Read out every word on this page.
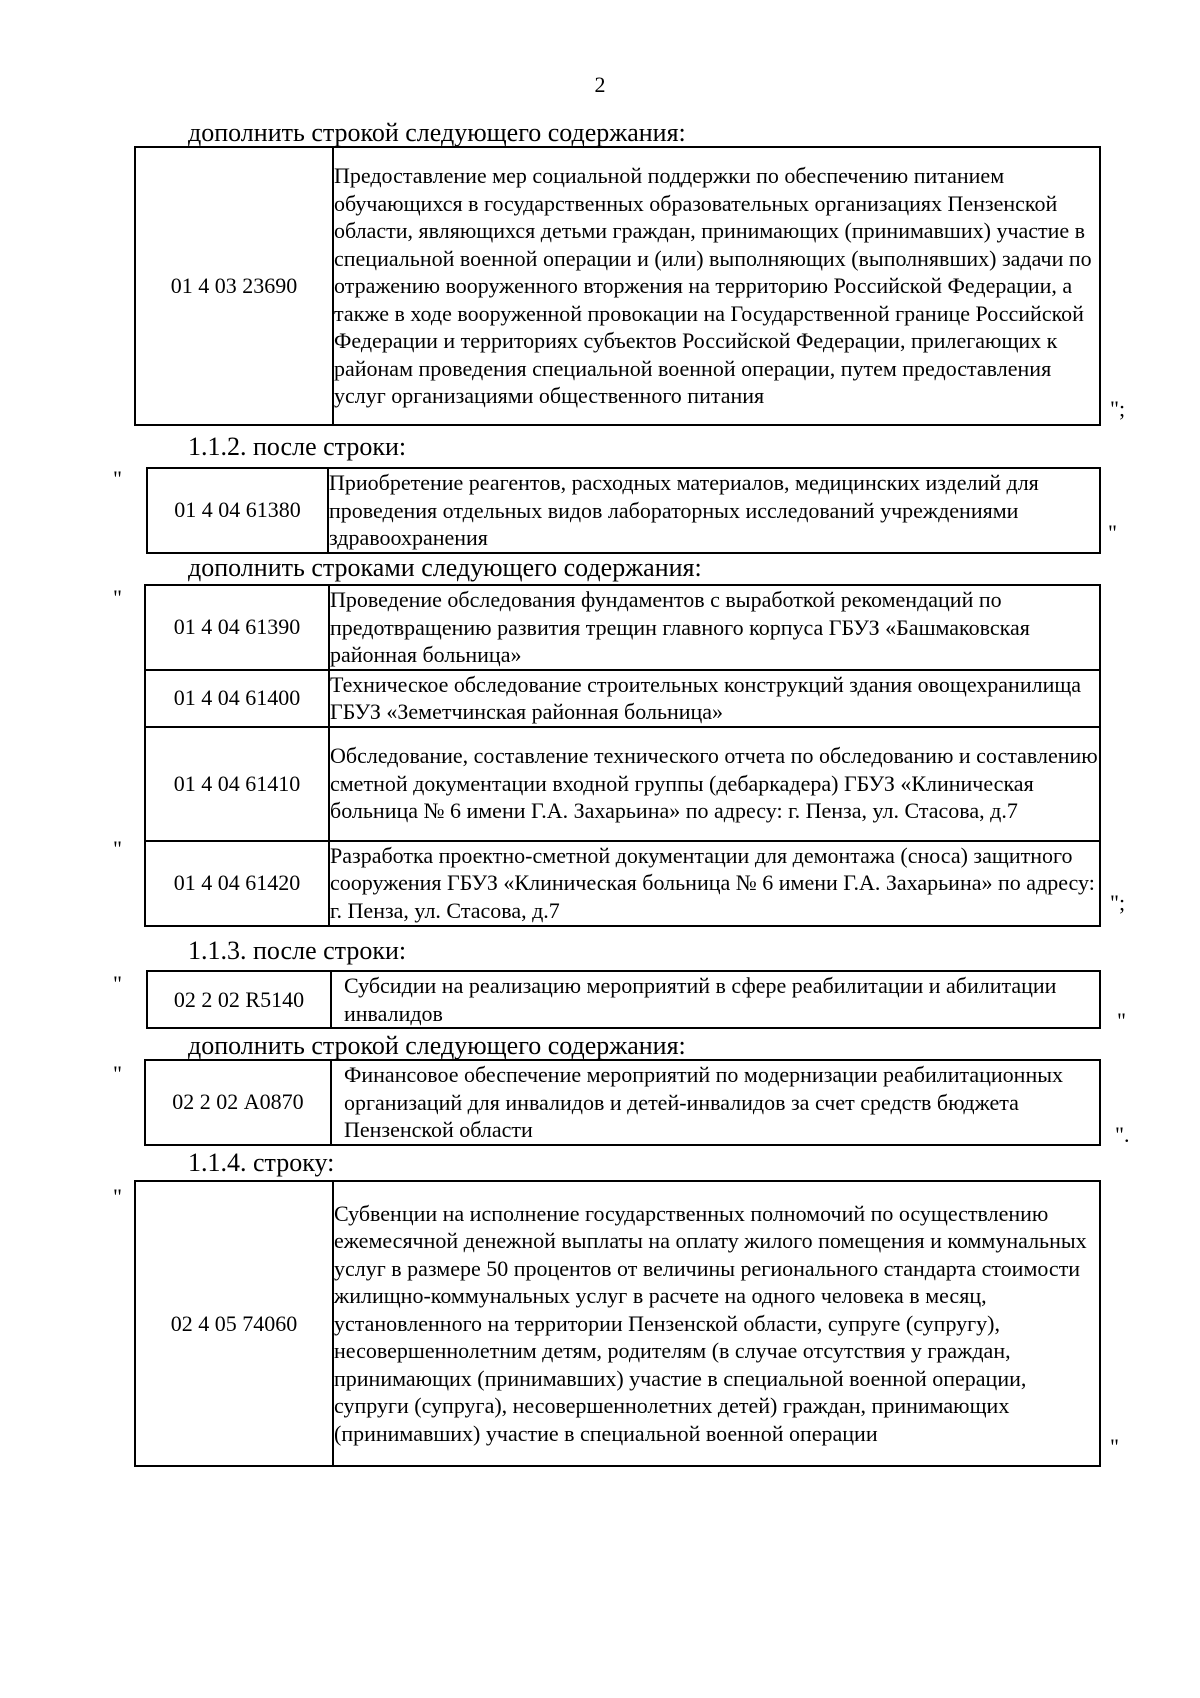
2
дополнить строкой следующего содержания:
01 4 03 23690	Предоставление мер социальной поддержки по обеспечению питанием обучающихся в государственных образовательных организациях Пензенской области, являющихся детьми граждан, принимающих (принимавших) участие в специальной военной операции и (или) выполняющих (выполнявших) задачи по отражению вооруженного вторжения на территорию Российской Федерации, а также в ходе вооруженной провокации на Государственной границе Российской Федерации и территориях субъектов Российской Федерации, прилегающих к районам проведения специальной военной операции, путем предоставления услуг организациями общественного питания
";
1.1.2. после строки:
"
01 4 04 61380	Приобретение реагентов, расходных материалов, медицинских изделий для проведения отдельных видов лабораторных исследований учреждениями здравоохранения	"
дополнить строками следующего содержания:
"
01 4 04 61390	Проведение обследования фундаментов с выработкой рекомендаций по предотвращению развития трещин главного корпуса ГБУЗ «Башмаковская районная больница»
01 4 04 61400	Техническое обследование строительных конструкций здания овощехранилища ГБУЗ «Земетчинская районная больница»
01 4 04 61410	Обследование, составление технического отчета по обследованию и составлению сметной документации входной группы (дебаркадера) ГБУЗ «Клиническая больница № 6 имени Г.А. Захарьина» по адресу: г. Пенза, ул. Стасова, д.7
01 4 04 61420	Разработка проектно-сметной документации для демонтажа (сноса) защитного сооружения ГБУЗ «Клиническая больница № 6 имени Г.А. Захарьина» по адресу: г. Пенза, ул. Стасова, д.7
"
";
1.1.3. после строки:
"
02 2 02 R5140	Субсидии на реализацию мероприятий в сфере реабилитации и абилитации инвалидов	"
дополнить строкой следующего содержания:
"
02 2 02 А0870	Финансовое обеспечение мероприятий по модернизации реабилитационных организаций для инвалидов и детей-инвалидов за счет средств бюджета Пензенской области	".
1.1.4. строку:
"
02 4 05 74060	Субвенции на исполнение государственных полномочий по осуществлению ежемесячной денежной выплаты на оплату жилого помещения и коммунальных услуг в размере 50 процентов от величины регионального стандарта стоимости жилищно-коммунальных услуг в расчете на одного человека в месяц, установленного на территории Пензенской области, супруге (супругу), несовершеннолетним детям, родителям (в случае отсутствия у граждан, принимающих (принимавших) участие в специальной военной операции, супруги (супруга), несовершеннолетних детей) граждан, принимающих (принимавших) участие в специальной военной операции
"
